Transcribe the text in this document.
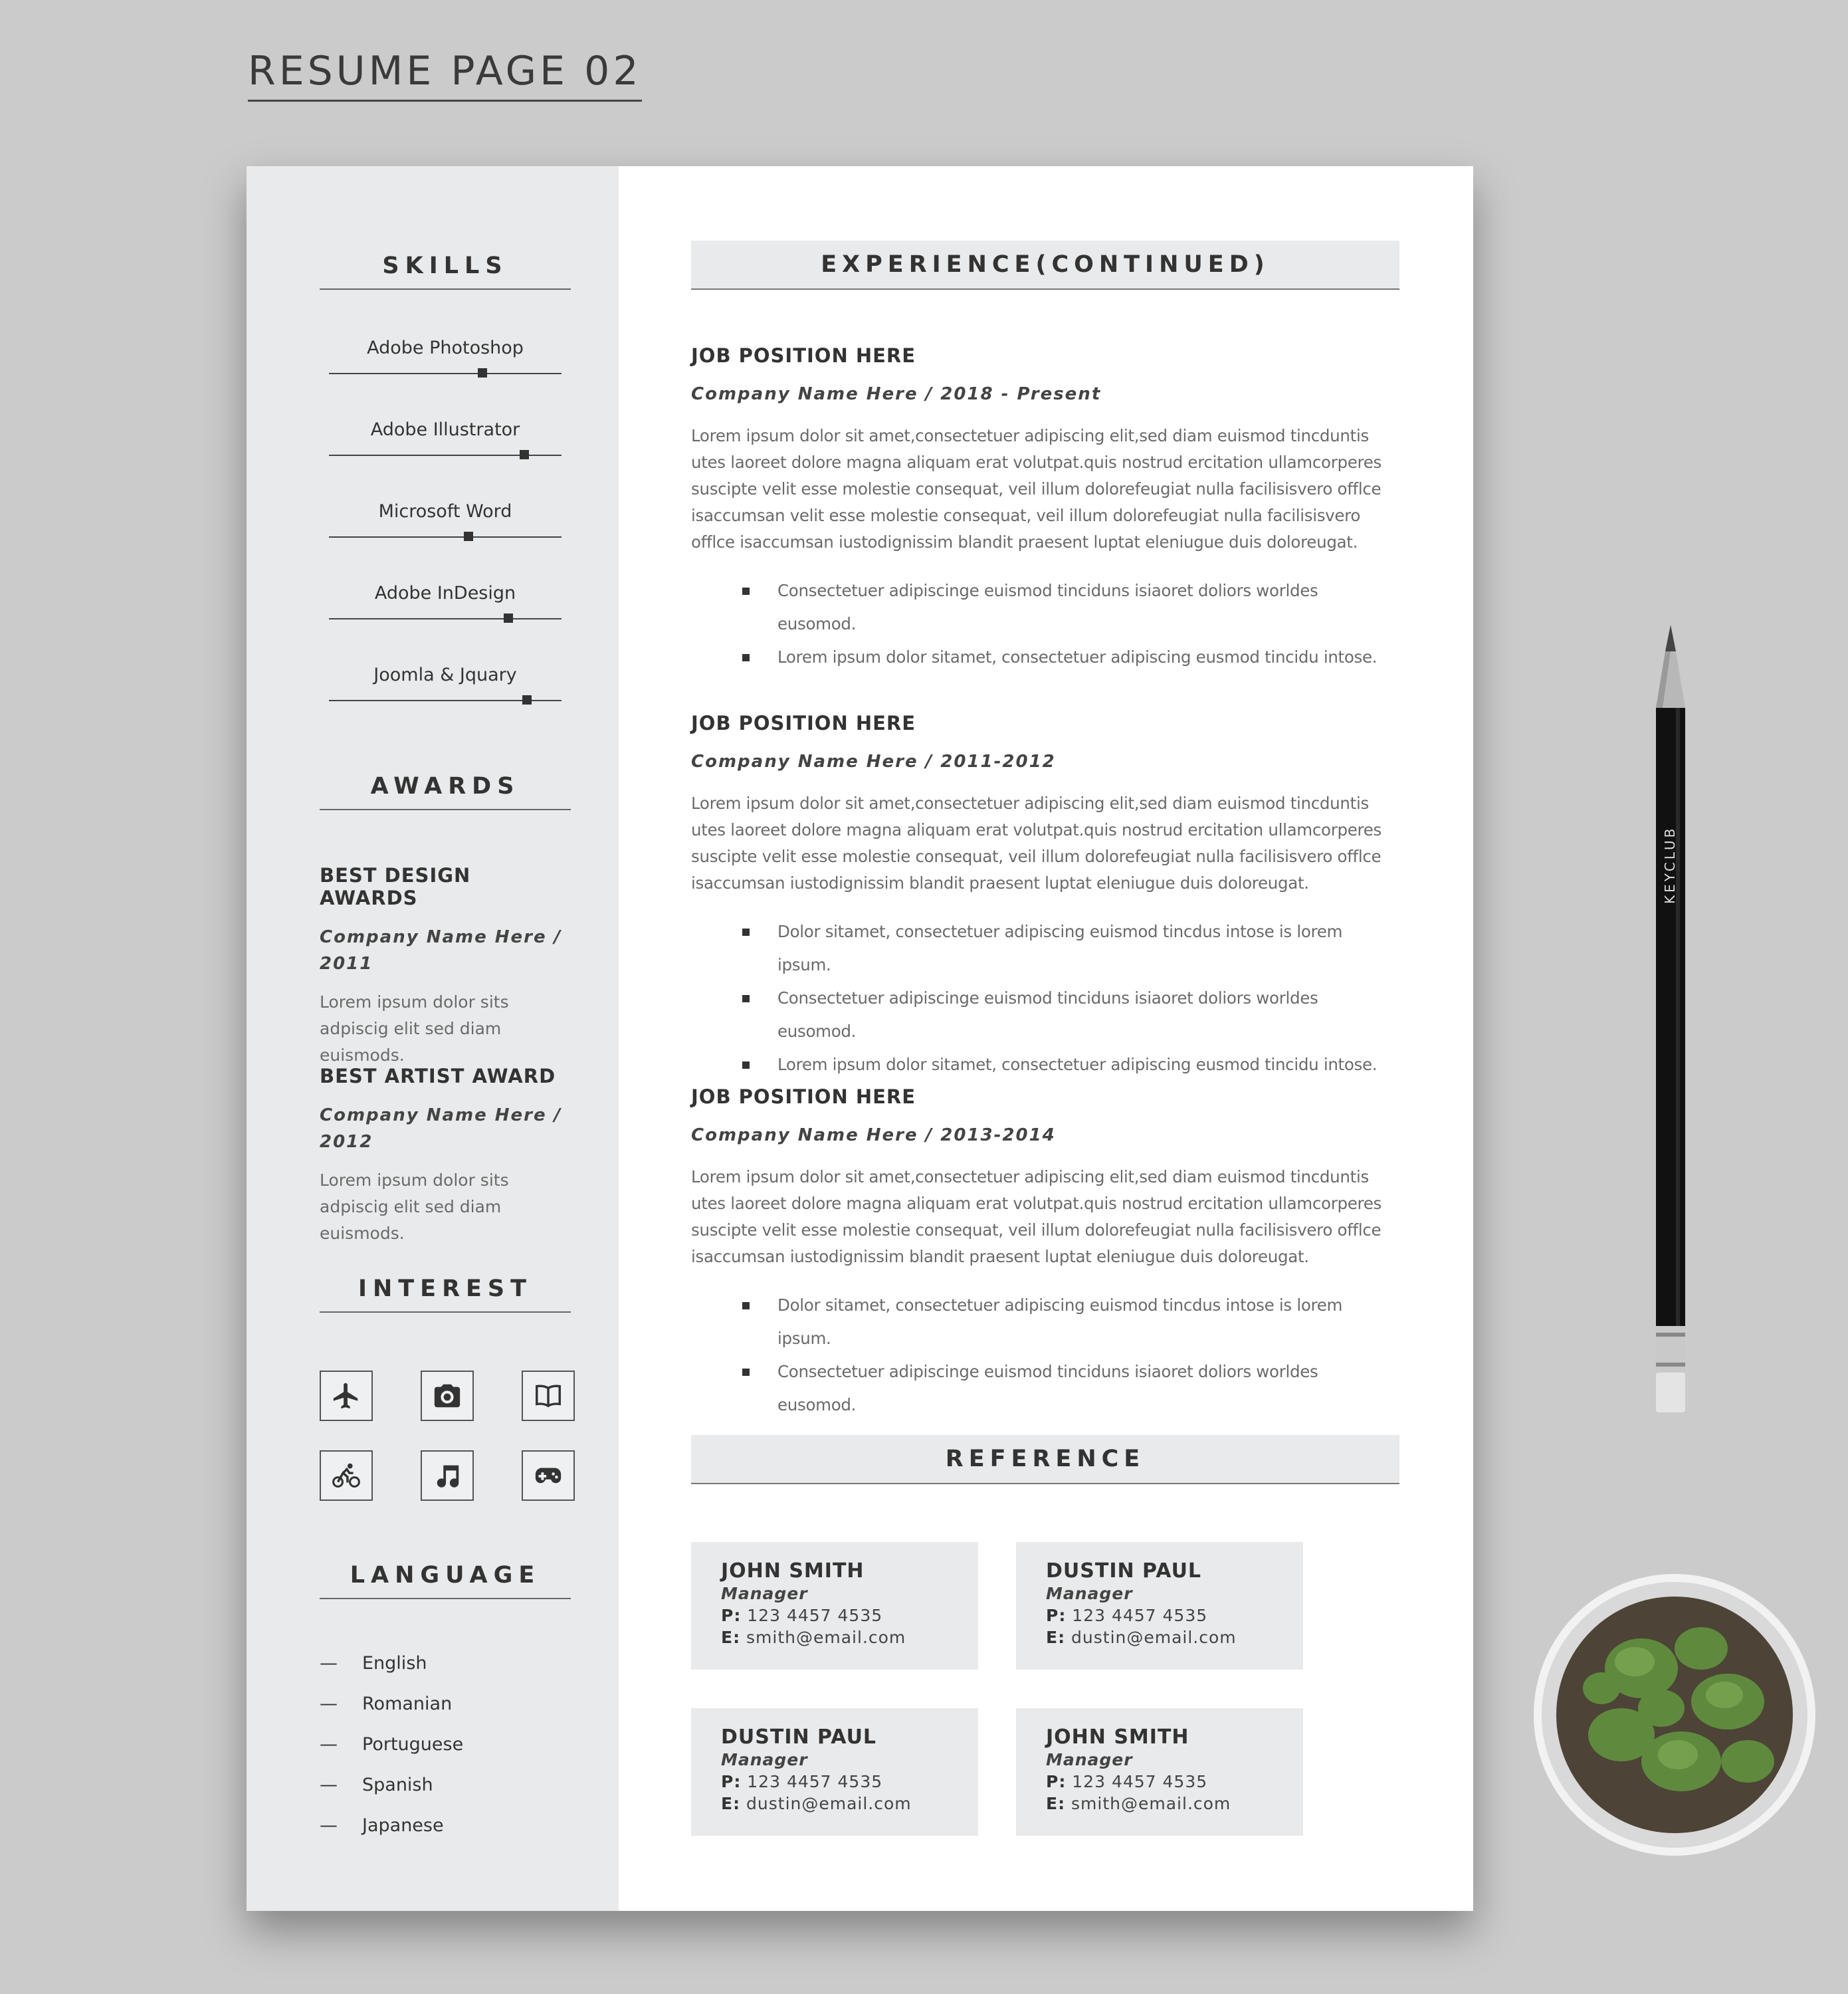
RESUME PAGE 02
SKILLS
Adobe Photoshop
Adobe Illustrator
Microsoft Word
Adobe InDesign
Joomla & Jquary
AWARDS
BEST DESIGN AWARDS
Company Name Here / 2011
Lorem ipsum dolor sits adpiscig elit sed diam euismods.
BEST ARTIST AWARD
Company Name Here / 2012
Lorem ipsum dolor sits adpiscig elit sed diam euismods.
INTEREST
LANGUAGE
— English
— Romanian
— Portuguese
— Spanish
— Japanese
EXPERIENCE(CONTINUED)
JOB POSITION HERE
Company Name Here / 2018 - Present
Lorem ipsum dolor sit amet,consectetuer adipiscing elit,sed diam euismod tincduntis utes laoreet dolore magna aliquam erat volutpat.quis nostrud ercitation ullamcorperes suscipte velit esse molestie consequat, veil illum dolorefeugiat nulla facilisisvero offlce isaccumsan velit esse molestie consequat, veil illum dolorefeugiat nulla facilisisvero offlce isaccumsan iustodignissim blandit praesent luptat eleniugue duis doloreugat.
Consectetuer adipiscinge euismod tinciduns isiaoret doliors worldes eusomod.
Lorem ipsum dolor sitamet, consectetuer adipiscing eusmod tincidu intose.
JOB POSITION HERE
Company Name Here / 2011-2012
Lorem ipsum dolor sit amet,consectetuer adipiscing elit,sed diam euismod tincduntis utes laoreet dolore magna aliquam erat volutpat.quis nostrud ercitation ullamcorperes suscipte velit esse molestie consequat, veil illum dolorefeugiat nulla facilisisvero offlce isaccumsan iustodignissim blandit praesent luptat eleniugue duis doloreugat.
Dolor sitamet, consectetuer adipiscing euismod tincdus intose is lorem ipsum.
Consectetuer adipiscinge euismod tinciduns isiaoret doliors worldes eusomod.
Lorem ipsum dolor sitamet, consectetuer adipiscing eusmod tincidu intose.
JOB POSITION HERE
Company Name Here / 2013-2014
Lorem ipsum dolor sit amet,consectetuer adipiscing elit,sed diam euismod tincduntis utes laoreet dolore magna aliquam erat volutpat.quis nostrud ercitation ullamcorperes suscipte velit esse molestie consequat, veil illum dolorefeugiat nulla facilisisvero offlce isaccumsan iustodignissim blandit praesent luptat eleniugue duis doloreugat.
Dolor sitamet, consectetuer adipiscing euismod tincdus intose is lorem ipsum.
Consectetuer adipiscinge euismod tinciduns isiaoret doliors worldes eusomod.
REFERENCE
JOHN SMITH
Manager
P: 123 4457 4535
E: smith@email.com
DUSTIN PAUL
Manager
P: 123 4457 4535
E: dustin@email.com
DUSTIN PAUL
Manager
P: 123 4457 4535
E: dustin@email.com
JOHN SMITH
Manager
P: 123 4457 4535
E: smith@email.com
KEYCLUB
